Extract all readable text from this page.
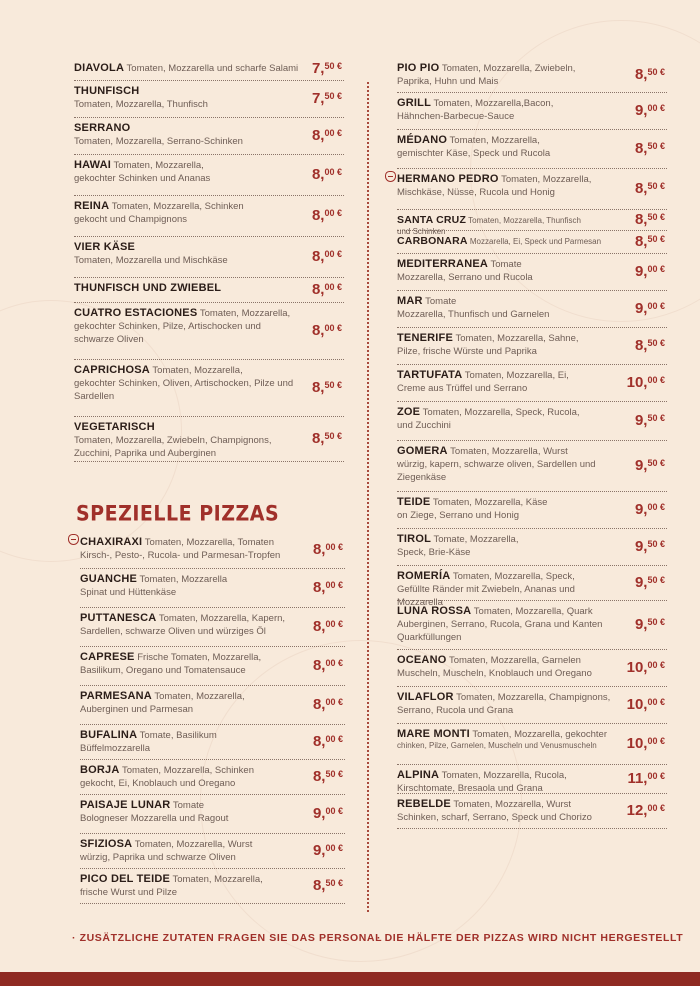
DIAVOLA Tomaten, Mozzarella und scharfe Salami 7,$^{50 €}$
THUNFISCH
Tomaten, Mozzarella, Thunfisch	7,$^{50 €}$
SERRANO
Tomaten, Mozzarella, Serrano-Schinken	8,$^{00 €}$
HAWAI Tomaten, Mozzarella,
gekochter Schinken und Ananas	8,$^{00 €}$
REINA Tomaten, Mozzarella, Schinken
gekocht und Champignons	8,$^{00 €}$
VIER KÄSE
Tomaten, Mozzarella und Mischkäse	8,$^{00 €}$
THUNFISCH UND ZWIEBEL	8,$^{00 €}$
CUATRO ESTACIONES Tomaten, Mozzarella,
gekochter Schinken, Pilze, Artischocken und schwarze Oliven
8,$^{00 €}$
CAPRICHOSA Tomaten, Mozzarella,
gekochter Schinken, Oliven, Artischocken, Pilze und Sardellen
8,$^{50 €}$
VEGETARISCH
Tomaten, Mozzarella, Zwiebeln, Champignons, Zucchini, Paprika und Auberginen
8,$^{50 €}$
SPEZIELLE PIZZAS
CHAXIRAXI Tomaten, Mozzarella, Tomaten
Kirsch-, Pesto-, Rucola- und Parmesan-Tropfen	8,$^{00 €}$
GUANCHE Tomaten, Mozzarella
Spinat und Hüttenkäse	8,$^{00 €}$
PUTTANESCA Tomaten, Mozzarella, Kapern,
Sardellen, schwarze Oliven und würziges Öl	8,$^{00 €}$
CAPRESE Frische Tomaten, Mozzarella,
Basilikum, Oregano und Tomatensauce	8,$^{00 €}$
PARMESANA Tomaten, Mozzarella,
Auberginen und Parmesan	8,$^{00 €}$
BUFALINA Tomate, Basilikum
Büffelmozzarella	8,$^{00 €}$
BORJA Tomaten, Mozzarella, Schinken
gekocht, Ei, Knoblauch und Oregano	8,$^{50 €}$
PAISAJE LUNAR Tomate
Bologneser Mozzarella und Ragout	9,$^{00 €}$
SFIZIOSA Tomaten, Mozzarella, Wurst
würzig, Paprika und schwarze Oliven	9,$^{00 €}$
PICO DEL TEIDE Tomaten, Mozzarella,
frische Wurst und Pilze	8,$^{50 €}$
PIO PIO Tomaten, Mozzarella, Zwiebeln,
Paprika, Huhn und Mais	8,$^{50 €}$
GRILL Tomaten, Mozzarella,Bacon,
Hähnchen-Barbecue-Sauce	9,$^{00 €}$
MÉDANO Tomaten, Mozzarella,
gemischter Käse, Speck und Rucola	8,$^{50 €}$
HERMANO PEDRO Tomaten, Mozzarella,
Mischkäse, Nüsse, Rucola und Honig	8,$^{50 €}$
SANTA CRUZ Tomaten, Mozzarella, Thunfisch
und Schinken
8,$^{50 €}$
CARBONARA Mozzarella, Ei, Speck und Parmesan	8,$^{50 €}$
MEDITERRANEA Tomate
Mozzarella, Serrano und Rucola	9,$^{00 €}$
MAR Tomate
Mozzarella, Thunfisch und Garnelen	9,$^{00 €}$
TENERIFE Tomaten, Mozzarella, Sahne,
Pilze, frische Würste und Paprika	8,$^{50 €}$
TARTUFATA Tomaten, Mozzarella, Ei,
Creme aus Trüffel und Serrano	10,$^{00 €}$
ZOE Tomaten, Mozzarella, Speck, Rucola,
und Zucchini	9,$^{50 €}$
GOMERA Tomaten, Mozzarella, Wurst
würzig, kapern, schwarze oliven, Sardellen und Ziegenkäse
9,$^{50 €}$
TEIDE Tomaten, Mozzarella, Käse
on Ziege, Serrano und Honig	9,$^{00 €}$
TIROL Tomate, Mozzarella,
Speck, Brie-Käse	9,$^{50 €}$
ROMERÍA Tomaten, Mozzarella, Speck,
Gefüllte Ränder mit Zwiebeln, Ananas und Mozzarella
9,$^{50 €}$
LUNA ROSSA Tomaten, Mozzarella, Quark
Auberginen, Serrano, Rucola, Grana und Kanten Quarkfüllungen
9,$^{50 €}$
OCEANO Tomaten, Mozzarella, Garnelen
Muscheln, Muscheln, Knoblauch und Oregano	10,$^{00 €}$
VILAFLOR Tomaten, Mozzarella, Champignons,
Serrano, Rucola und Grana	10,$^{00 €}$
MARE MONTI Tomaten, Mozzarella, gekochter
chinken, Pilze, Garnelen, Muscheln und Venusmuscheln	10,$^{00 €}$
ALPINA Tomaten, Mozzarella, Rucola,
Kirschtomate, Bresaola und Grana
11,$^{00 €}$
REBELDE Tomaten, Mozzarella, Wurst
Schinken, scharf, Serrano, Speck und Chorizo	12,$^{00 €}$
· ZUSÄTZLICHE ZUTATEN FRAGEN SIE DAS PERSONAL
· DIE HÄLFTE DER PIZZAS WIRD NICHT HERGESTELLT
